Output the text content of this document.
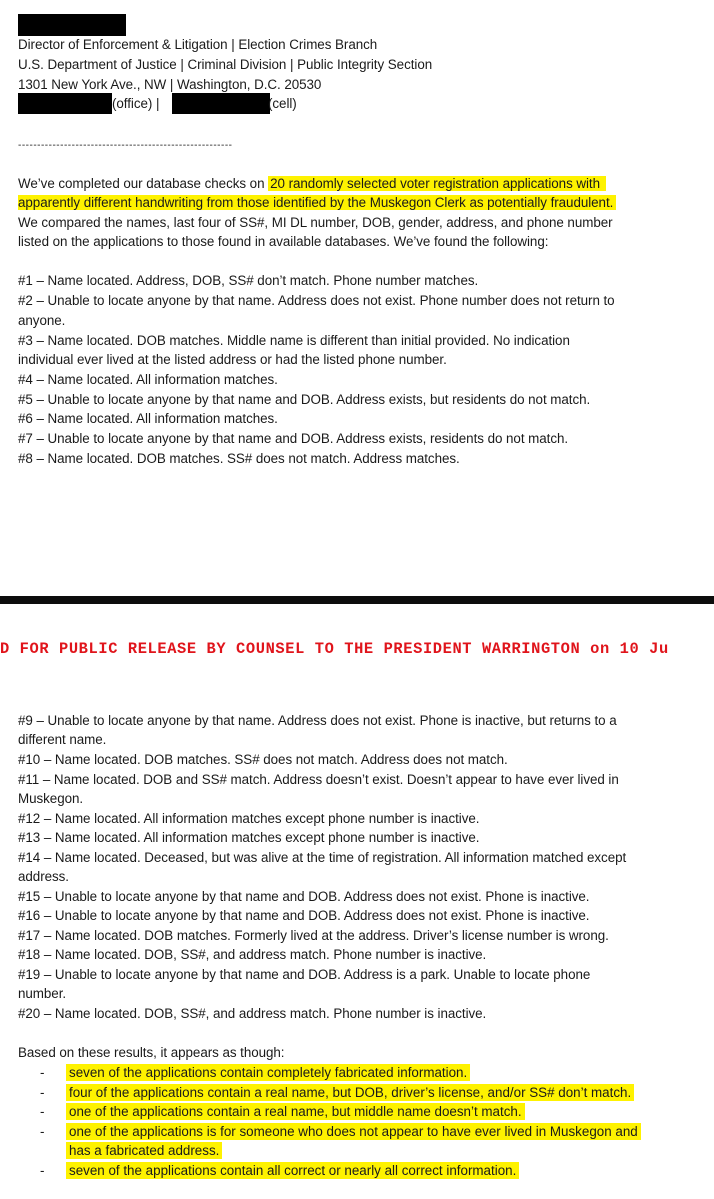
Director of Enforcement & Litigation | Election Crimes Branch
U.S. Department of Justice | Criminal Division | Public Integrity Section
1301 New York Ave., NW | Washington, D.C. 20530
(office) |	(cell)
--------------------------------------------------------
We’ve completed our database checks on 20 randomly selected voter registration applications with
apparently different handwriting from those identified by the Muskegon Clerk as potentially fraudulent.
We compared the names, last four of SS#, MI DL number, DOB, gender, address, and phone number
listed on the applications to those found in available databases. We’ve found the following:
#1 – Name located. Address, DOB, SS# don’t match. Phone number matches.
#2 – Unable to locate anyone by that name. Address does not exist. Phone number does not return to
anyone.
#3 – Name located. DOB matches. Middle name is different than initial provided. No indication
individual ever lived at the listed address or had the listed phone number.
#4 – Name located. All information matches.
#5 – Unable to locate anyone by that name and DOB. Address exists, but residents do not match.
#6 – Name located. All information matches.
#7 – Unable to locate anyone by that name and DOB. Address exists, residents do not match.
#8 – Name located. DOB matches. SS# does not match. Address matches.
D FOR PUBLIC RELEASE BY COUNSEL TO THE PRESIDENT WARRINGTON on 10 Ju
#9 – Unable to locate anyone by that name. Address does not exist. Phone is inactive, but returns to a
different name.
#10 – Name located. DOB matches. SS# does not match. Address does not match.
#11 – Name located. DOB and SS# match. Address doesn’t exist. Doesn’t appear to have ever lived in
Muskegon.
#12 – Name located. All information matches except phone number is inactive.
#13 – Name located. All information matches except phone number is inactive.
#14 – Name located. Deceased, but was alive at the time of registration. All information matched except
address.
#15 – Unable to locate anyone by that name and DOB. Address does not exist. Phone is inactive.
#16 – Unable to locate anyone by that name and DOB. Address does not exist. Phone is inactive.
#17 – Name located. DOB matches. Formerly lived at the address. Driver’s license number is wrong.
#18 – Name located. DOB, SS#, and address match. Phone number is inactive.
#19 – Unable to locate anyone by that name and DOB. Address is a park. Unable to locate phone
number.
#20 – Name located. DOB, SS#, and address match. Phone number is inactive.
Based on these results, it appears as though:
- seven of the applications contain completely fabricated information.
- four of the applications contain a real name, but DOB, driver’s license, and/or SS# don’t match.
- one of the applications contain a real name, but middle name doesn’t match.
- one of the applications is for someone who does not appear to have ever lived in Muskegon and
has a fabricated address.
- seven of the applications contain all correct or nearly all correct information.
